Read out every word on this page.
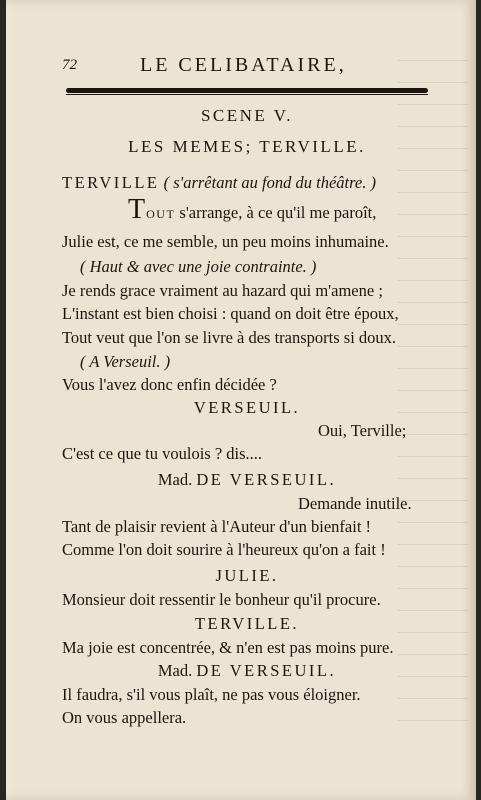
72	LE CELIBATAIRE,
SCENE V.
LES MEMES; TERVILLE.
TERVILLE ( s'arrêtant au fond du théâtre. )
TOUT s'arrange, à ce qu'il me paroît,
Julie est, ce me semble, un peu moins inhumaine.
( Haut & avec une joie contrainte. )
Je rends grace vraiment au hazard qui m'amene ;
L'instant est bien choisi : quand on doit être époux,
Tout veut que l'on se livre à des transports si doux.
( A Verseuil. )
Vous l'avez donc enfin décidée ?
VERSEUIL.
Oui, Terville;
C'est ce que tu voulois ? dis....
Mad. DE VERSEUIL.
Demande inutile.
Tant de plaisir revient à l'Auteur d'un bienfait !
Comme l'on doit sourire à l'heureux qu'on a fait !
JULIE.
Monsieur doit ressentir le bonheur qu'il procure.
TERVILLE.
Ma joie est concentrée, & n'en est pas moins pure.
Mad. DE VERSEUIL.
Il faudra, s'il vous plaît, ne pas vous éloigner.
On vous appellera.
